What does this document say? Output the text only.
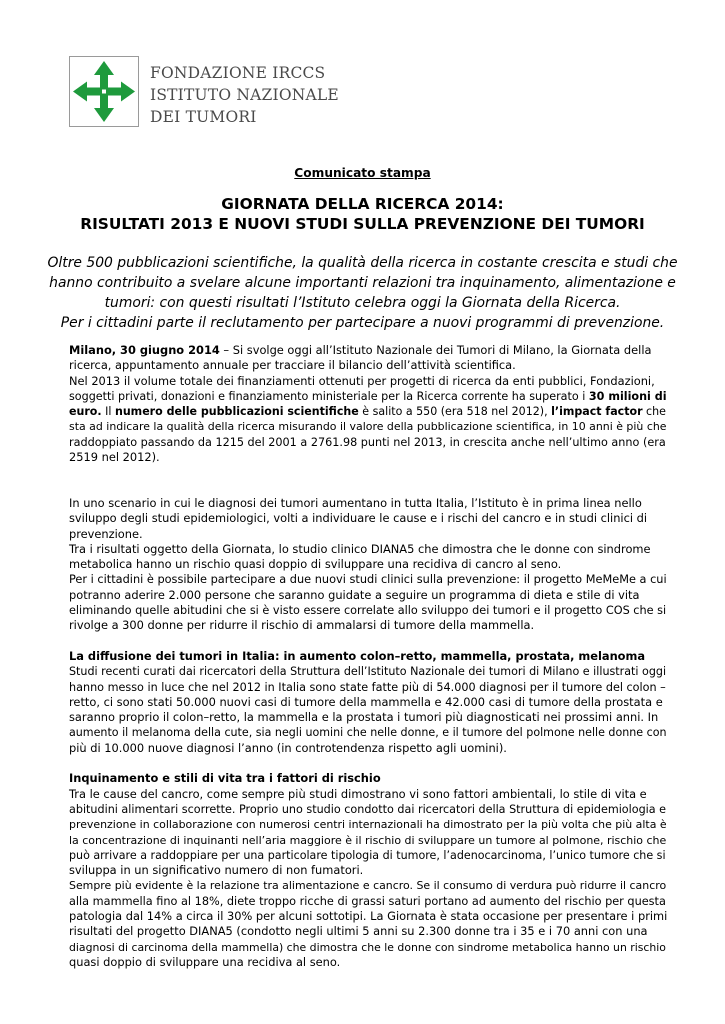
FONDAZIONE IRCCS
ISTITUTO NAZIONALE
DEI TUMORI
Comunicato stampa
GIORNATA DELLA RICERCA 2014:
RISULTATI 2013 E NUOVI STUDI SULLA PREVENZIONE DEI TUMORI
Oltre 500 pubblicazioni scientifiche, la qualità della ricerca in costante crescita e studi che
hanno contribuito a svelare alcune importanti relazioni tra inquinamento, alimentazione e
tumori: con questi risultati l’Istituto celebra oggi la Giornata della Ricerca.
Per i cittadini parte il reclutamento per partecipare a nuovi programmi di prevenzione.
Milano, 30 giugno 2014 – Si svolge oggi all’Istituto Nazionale dei Tumori di Milano, la Giornata della
ricerca, appuntamento annuale per tracciare il bilancio dell’attività scientifica.
Nel 2013 il volume totale dei finanziamenti ottenuti per progetti di ricerca da enti pubblici, Fondazioni,
soggetti privati, donazioni e finanziamento ministeriale per la Ricerca corrente ha superato i 30 milioni di
euro. Il numero delle pubblicazioni scientifiche è salito a 550 (era 518 nel 2012), l’impact factor che
sta ad indicare la qualità della ricerca misurando il valore della pubblicazione scientifica, in 10 anni è più che
raddoppiato passando da 1215 del 2001 a 2761.98 punti nel 2013, in crescita anche nell’ultimo anno (era
2519 nel 2012).
In uno scenario in cui le diagnosi dei tumori aumentano in tutta Italia, l’Istituto è in prima linea nello
sviluppo degli studi epidemiologici, volti a individuare le cause e i rischi del cancro e in studi clinici di
prevenzione.
Tra i risultati oggetto della Giornata, lo studio clinico DIANA5 che dimostra che le donne con sindrome
metabolica hanno un rischio quasi doppio di sviluppare una recidiva di cancro al seno.
Per i cittadini è possibile partecipare a due nuovi studi clinici sulla prevenzione: il progetto MeMeMe a cui
potranno aderire 2.000 persone che saranno guidate a seguire un programma di dieta e stile di vita
eliminando quelle abitudini che si è visto essere correlate allo sviluppo dei tumori e il progetto COS che si
rivolge a 300 donne per ridurre il rischio di ammalarsi di tumore della mammella.
La diffusione dei tumori in Italia: in aumento colon–retto, mammella, prostata, melanoma
Studi recenti curati dai ricercatori della Struttura dell’Istituto Nazionale dei tumori di Milano e illustrati oggi
hanno messo in luce che nel 2012 in Italia sono state fatte più di 54.000 diagnosi per il tumore del colon –
retto, ci sono stati 50.000 nuovi casi di tumore della mammella e 42.000 casi di tumore della prostata e
saranno proprio il colon–retto, la mammella e la prostata i tumori più diagnosticati nei prossimi anni. In
aumento il melanoma della cute, sia negli uomini che nelle donne, e il tumore del polmone nelle donne con
più di 10.000 nuove diagnosi l’anno (in controtendenza rispetto agli uomini).
Inquinamento e stili di vita tra i fattori di rischio
Tra le cause del cancro, come sempre più studi dimostrano vi sono fattori ambientali, lo stile di vita e
abitudini alimentari scorrette. Proprio uno studio condotto dai ricercatori della Struttura di epidemiologia e
prevenzione in collaborazione con numerosi centri internazionali ha dimostrato per la più volta che più alta è
la concentrazione di inquinanti nell’aria maggiore è il rischio di sviluppare un tumore al polmone, rischio che
può arrivare a raddoppiare per una particolare tipologia di tumore, l’adenocarcinoma, l’unico tumore che si
sviluppa in un significativo numero di non fumatori.
Sempre più evidente è la relazione tra alimentazione e cancro. Se il consumo di verdura può ridurre il cancro
alla mammella fino al 18%, diete troppo ricche di grassi saturi portano ad aumento del rischio per questa
patologia dal 14% a circa il 30% per alcuni sottotipi. La Giornata è stata occasione per presentare i primi
risultati del progetto DIANA5 (condotto negli ultimi 5 anni su 2.300 donne tra i 35 e i 70 anni con una
diagnosi di carcinoma della mammella) che dimostra che le donne con sindrome metabolica hanno un rischio
quasi doppio di sviluppare una recidiva al seno.
